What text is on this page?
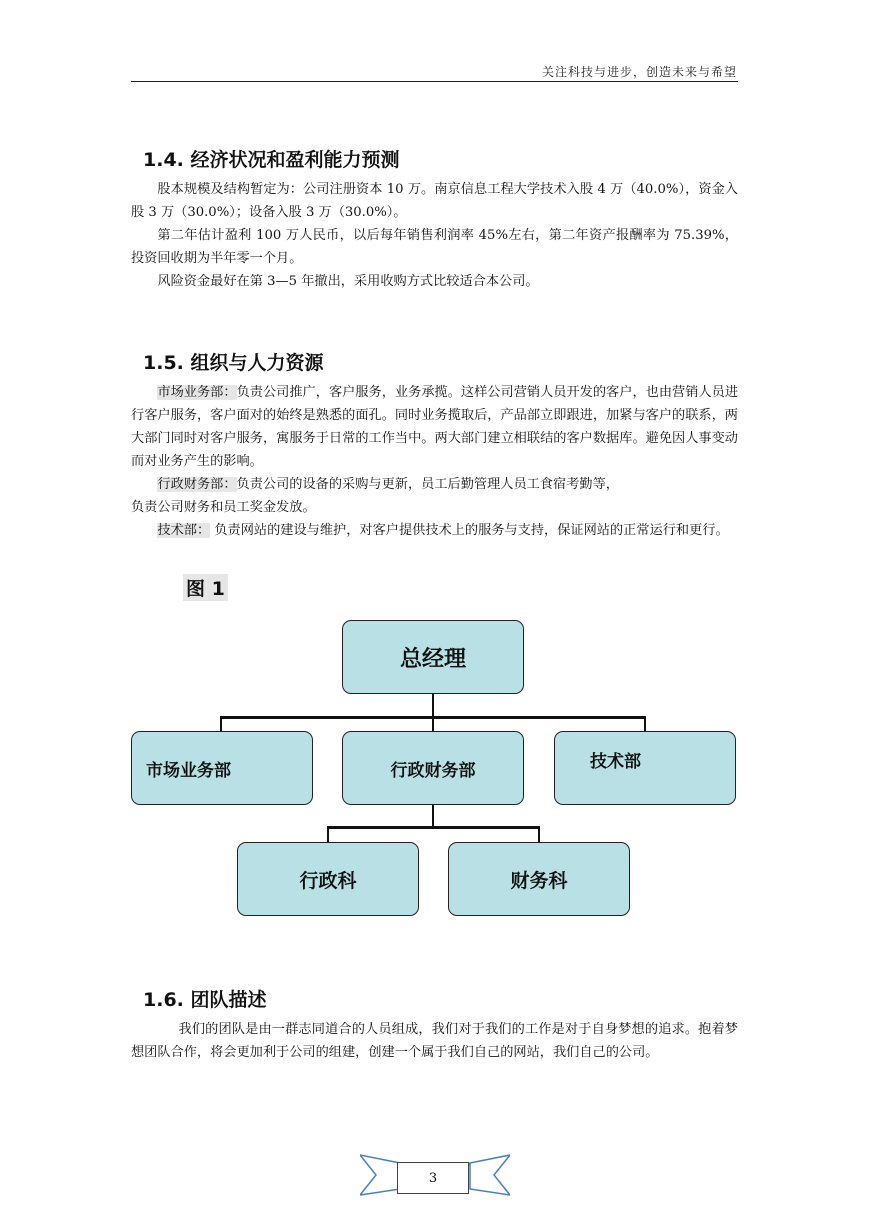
关注科技与进步，创造未来与希望
1.4. 经济状况和盈利能力预测

股本规模及结构暂定为：公司注册资本 10 万。南京信息工程大学技术入股 4 万（40.0%），资金入股 3 万（30.0%）；设备入股 3 万（30.0%）。

第二年估计盈利 100 万人民币，以后每年销售利润率 45%左右，第二年资产报酬率为 75.39%，投资回收期为半年零一个月。

风险资金最好在第 3—5 年撤出，采用收购方式比较适合本公司。

1.5. 组织与人力资源

市场业务部：负责公司推广，客户服务，业务承揽。这样公司营销人员开发的客户，也由营销人员进行客户服务，客户面对的始终是熟悉的面孔。同时业务揽取后，产品部立即跟进，加紧与客户的联系，两大部门同时对客户服务，寓服务于日常的工作当中。两大部门建立相联结的客户数据库。避免因人事变动而对业务产生的影响。

行政财务部：负责公司的设备的采购与更新，员工后勤管理人员工食宿考勤等，

负责公司财务和员工奖金发放。

技术部： 负责网站的建设与维护，对客户提供技术上的服务与支持，保证网站的正常运行和更行。

图 1
总经理
市场业务部	行政财务部	技术部
行政科	财务科
1.6. 团队描述

我们的团队是由一群志同道合的人员组成，我们对于我们的工作是对于自身梦想的追求。抱着梦想团队合作，将会更加利于公司的组建，创建一个属于我们自己的网站，我们自己的公司。

3
